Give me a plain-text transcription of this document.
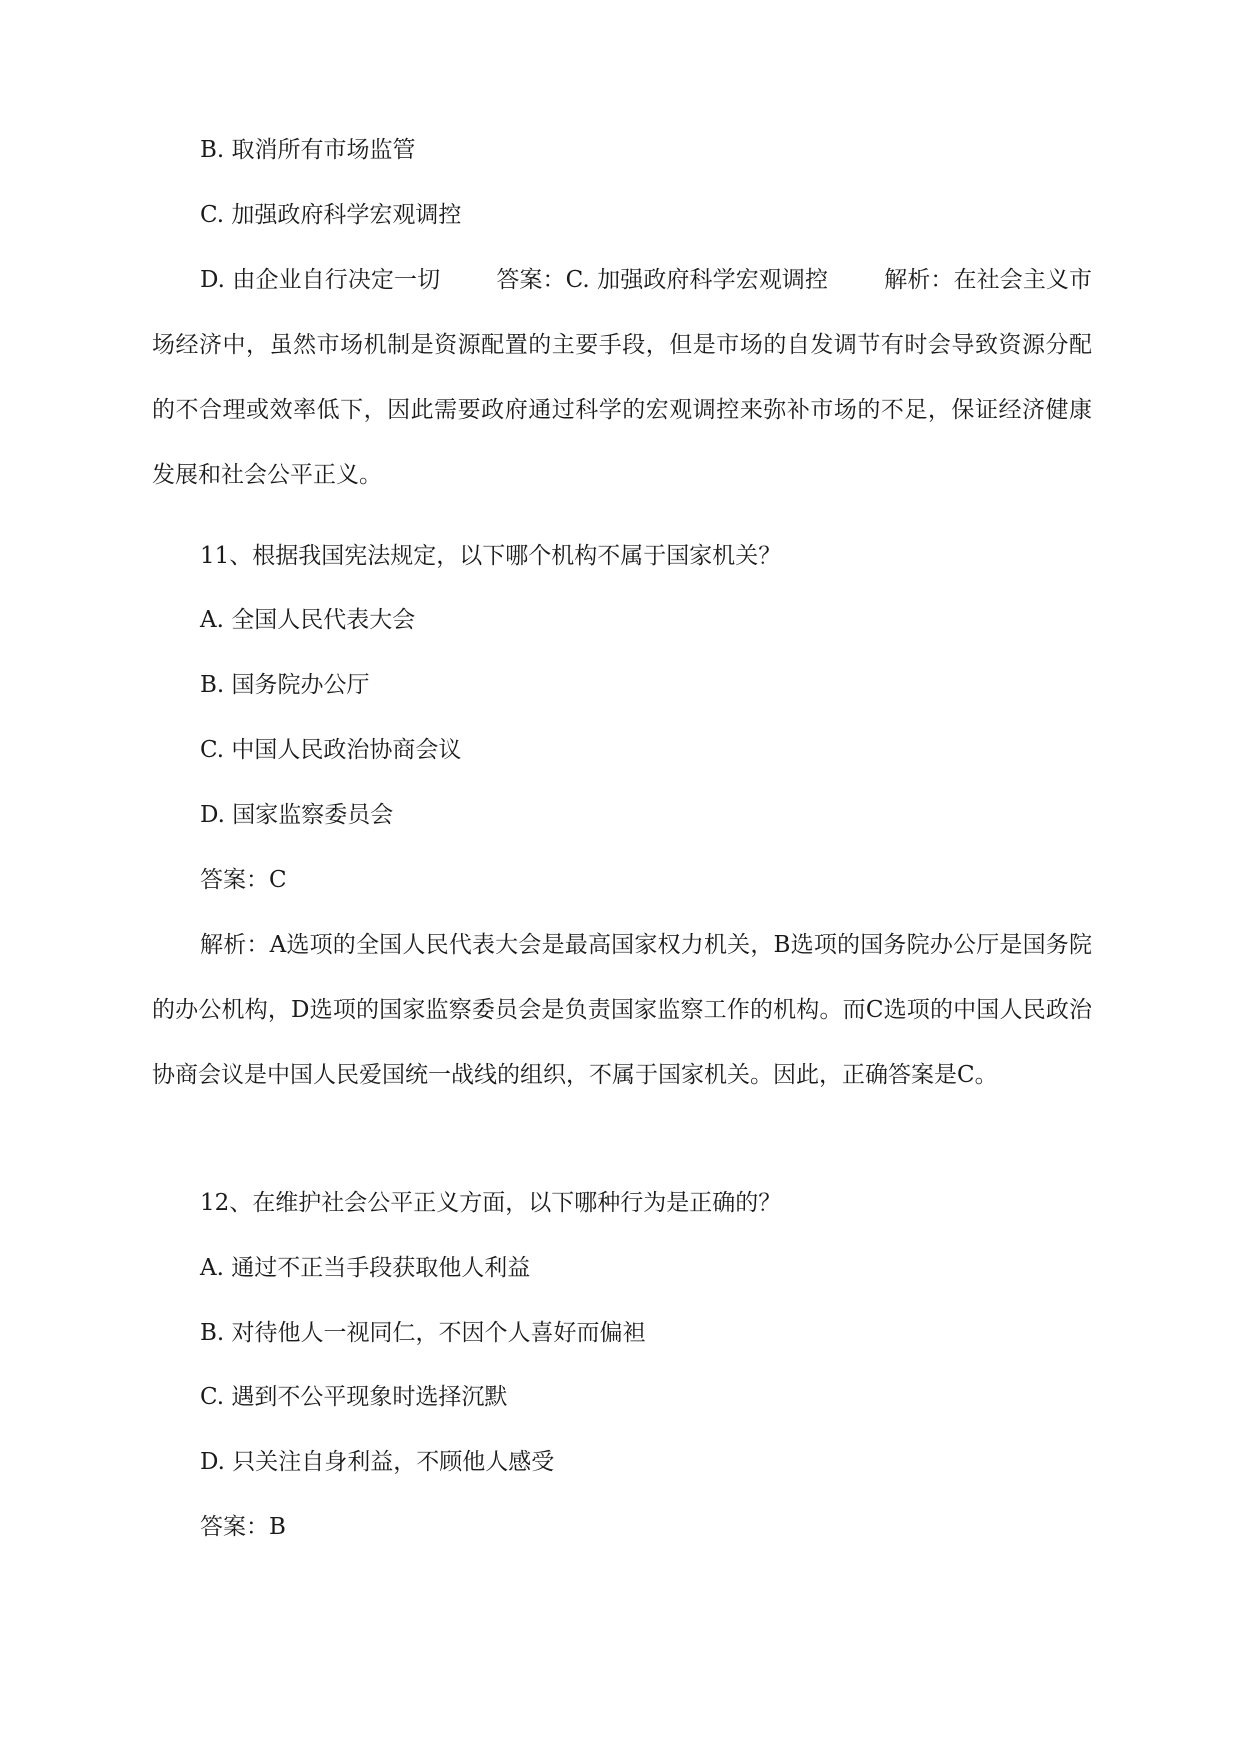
B. 取消所有市场监管
C. 加强政府科学宏观调控
D. 由企业自行决定一切 答案：C. 加强政府科学宏观调控 解析：在社会主义市场经济中，虽然市场机制是资源配置的主要手段，但是市场的自发调节有时会导致资源分配的不合理或效率低下，因此需要政府通过科学的宏观调控来弥补市场的不足，保证经济健康发展和社会公平正义。
11、根据我国宪法规定，以下哪个机构不属于国家机关？
A. 全国人民代表大会
B. 国务院办公厅
C. 中国人民政治协商会议
D. 国家监察委员会
答案：C
解析：A选项的全国人民代表大会是最高国家权力机关，B选项的国务院办公厅是国务院的办公机构，D选项的国家监察委员会是负责国家监察工作的机构。而C选项的中国人民政治协商会议是中国人民爱国统一战线的组织，不属于国家机关。因此，正确答案是C。
12、在维护社会公平正义方面，以下哪种行为是正确的？
A. 通过不正当手段获取他人利益
B. 对待他人一视同仁，不因个人喜好而偏袒
C. 遇到不公平现象时选择沉默
D. 只关注自身利益，不顾他人感受
答案：B
